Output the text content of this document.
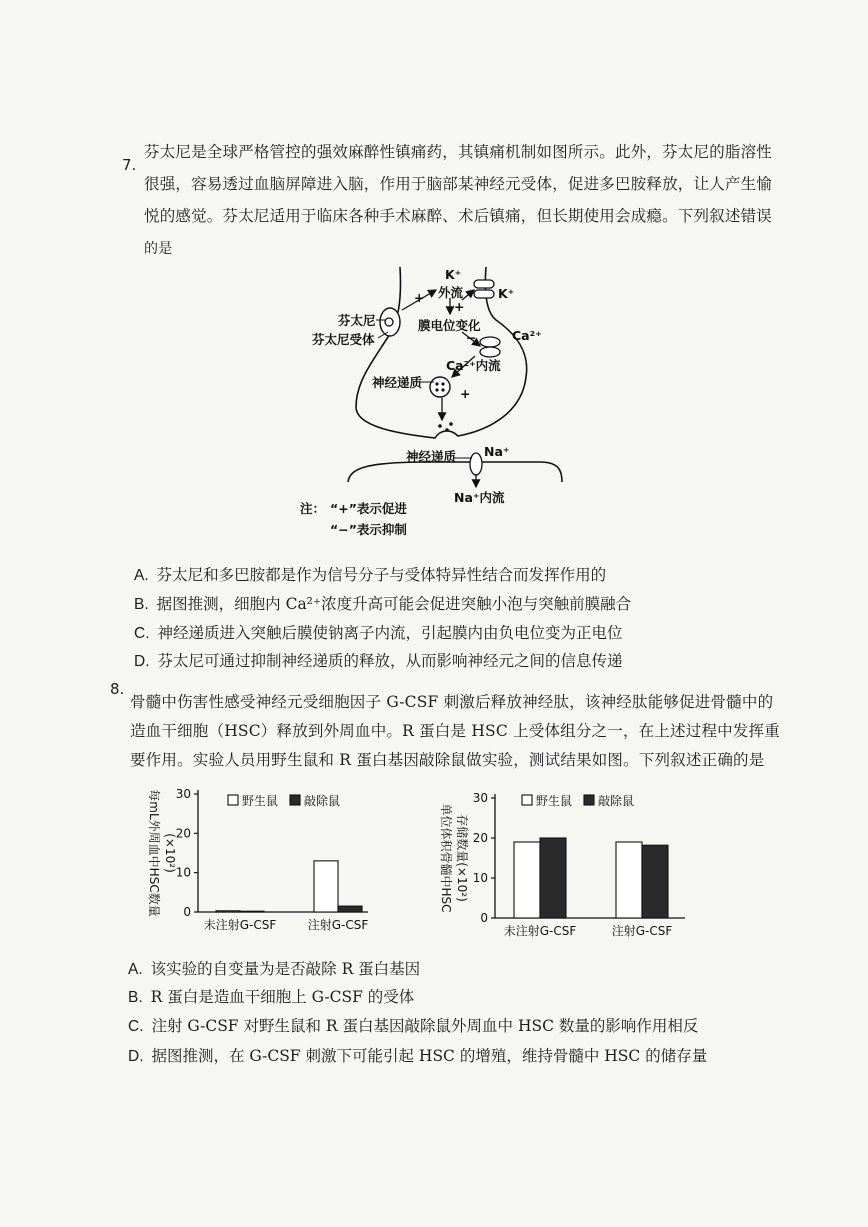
7.
芬太尼是全球严格管控的强效麻醉性镇痛药，其镇痛机制如图所示。此外，芬太尼的脂溶性
很强，容易透过血脑屏障进入脑，作用于脑部某神经元受体，促进多巴胺释放，让人产生愉
悦的感觉。芬太尼适用于临床各种手术麻醉、术后镇痛，但长期使用会成瘾。下列叙述错误
的是
K⁺
外流	K⁺
+
+
膜电位变化
−	Ca²⁺
Ca²⁺内流
+
芬太尼
芬太尼受体
神经递质
神经递质 Na⁺
Na⁺内流
注： “+”表示促进
“−”表示抑制
A. 芬太尼和多巴胺都是作为信号分子与受体特异性结合而发挥作用的
B. 据图推测，细胞内 Ca²⁺浓度升高可能会促进突触小泡与突触前膜融合
C. 神经递质进入突触后膜使钠离子内流，引起膜内由负电位变为正电位
D. 芬太尼可通过抑制神经递质的释放，从而影响神经元之间的信息传递
8.
骨髓中伤害性感受神经元受细胞因子 G-CSF 刺激后释放神经肽，该神经肽能够促进骨髓中的
造血干细胞（HSC）释放到外周血中。R 蛋白是 HSC 上受体组分之一，在上述过程中发挥重
要作用。实验人员用野生鼠和 R 蛋白基因敲除鼠做实验，测试结果如图。下列叙述正确的是
0
10
20
30
每mL外周血中HSC数量 (×10²)
未注射G-CSF	注射G-CSF
野生鼠 敲除鼠
0
10
20
30
单位体积骨髓中HSC 存储数量(×10²)
未注射G-CSF	注射G-CSF
野生鼠 敲除鼠
A. 该实验的自变量为是否敲除 R 蛋白基因
B. R 蛋白是造血干细胞上 G-CSF 的受体
C. 注射 G-CSF 对野生鼠和 R 蛋白基因敲除鼠外周血中 HSC 数量的影响作用相反
D. 据图推测，在 G-CSF 刺激下可能引起 HSC 的增殖，维持骨髓中 HSC 的储存量
